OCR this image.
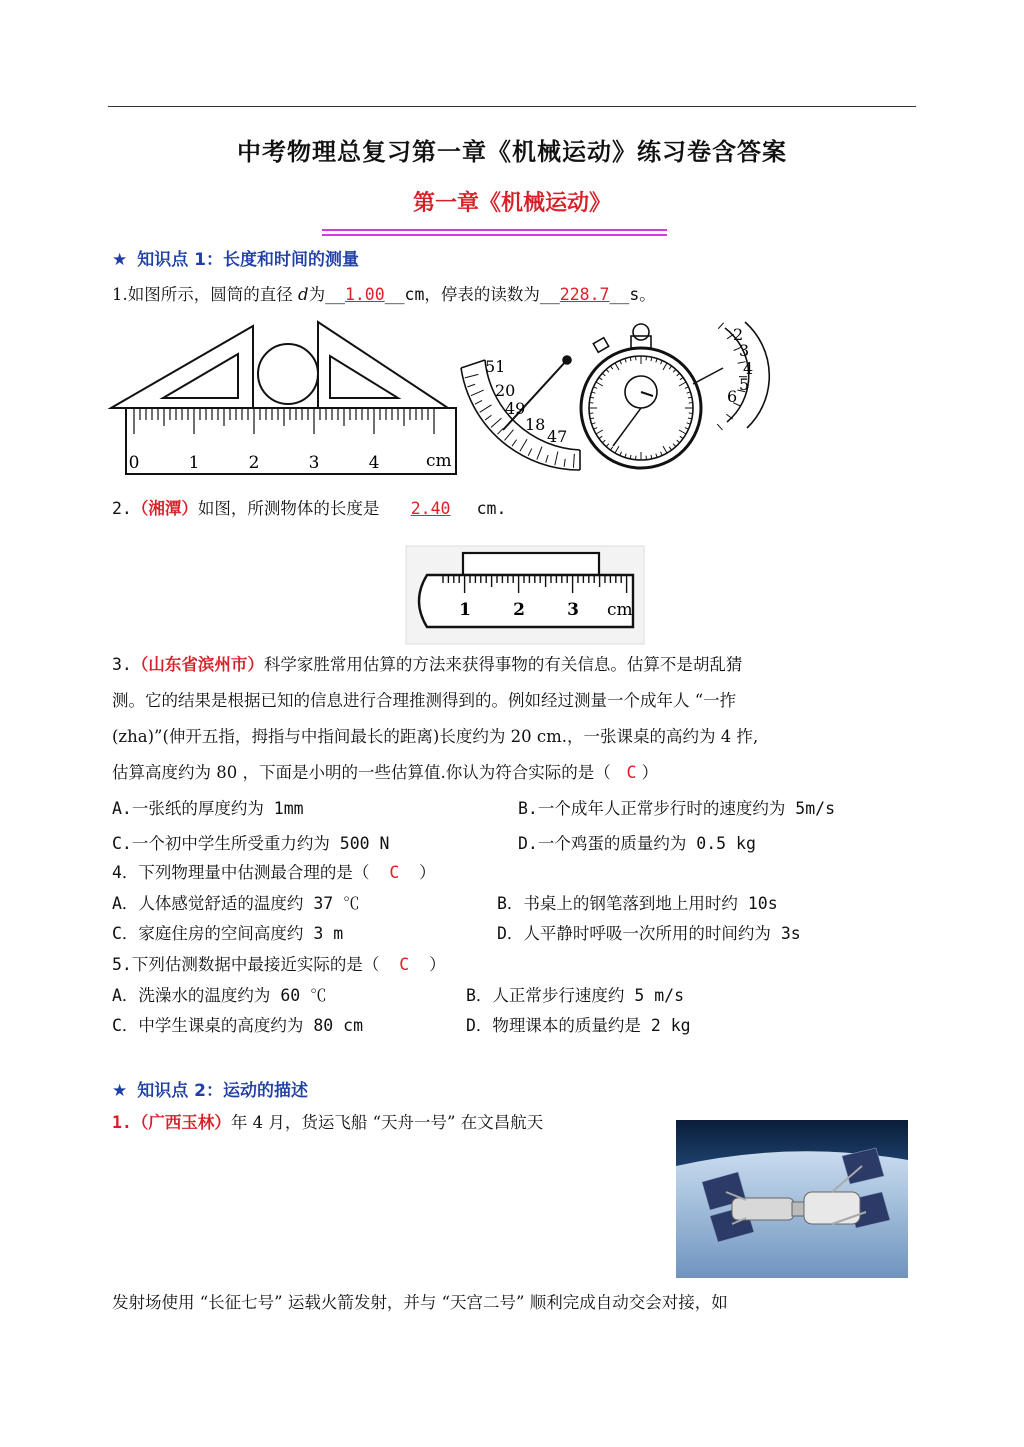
中考物理总复习第一章《机械运动》练习卷含答案
第一章《机械运动》
★ 知识点 1：长度和时间的测量
1.如图所示，圆筒的直径 d为__1.00__cm，停表的读数为__228.7__s。
0	1	2	3	4	cm
51
20
49
18
47
2
3
4
5
6
2.（湘潭）如图，所测物体的长度是 2.40 cm.
1 2 3 cm
3.（山东省滨州市）科学家胜常用估算的方法来获得事物的有关信息。估算不是胡乱猜
测。它的结果是根据已知的信息进行合理推测得到的。例如经过测量一个成年人 “一拃
(zha)”(伸开五指，拇指与中指间最长的距离)长度约为 20 cm.，一张课桌的高约为 4 拃,
估算高度约为 80 ，下面是小明的一些估算值.你认为符合实际的是（ C ）
A.一张纸的厚度约为 1mm	B.一个成年人正常步行时的速度约为 5m/s
C.一个初中学生所受重力约为 500 N	D.一个鸡蛋的质量约为 0.5 kg
4．下列物理量中估测最合理的是（ C ）
A．人体感觉舒适的温度约 37 ℃	B．书桌上的钢笔落到地上用时约 10s
C．家庭住房的空间高度约 3 m	D．人平静时呼吸一次所用的时间约为 3s
5.下列估测数据中最接近实际的是（ C ）
A．洗澡水的温度约为 60 ℃	B．人正常步行速度约 5 m/s
C．中学生课桌的高度约为 80 cm	D．物理课本的质量约是 2 kg
★ 知识点 2：运动的描述
1.（广西玉林）年 4 月，货运飞船 “天舟一号” 在文昌航天
发射场使用 “长征七号” 运载火箭发射，并与 “天宫二号” 顺利完成自动交会对接，如
